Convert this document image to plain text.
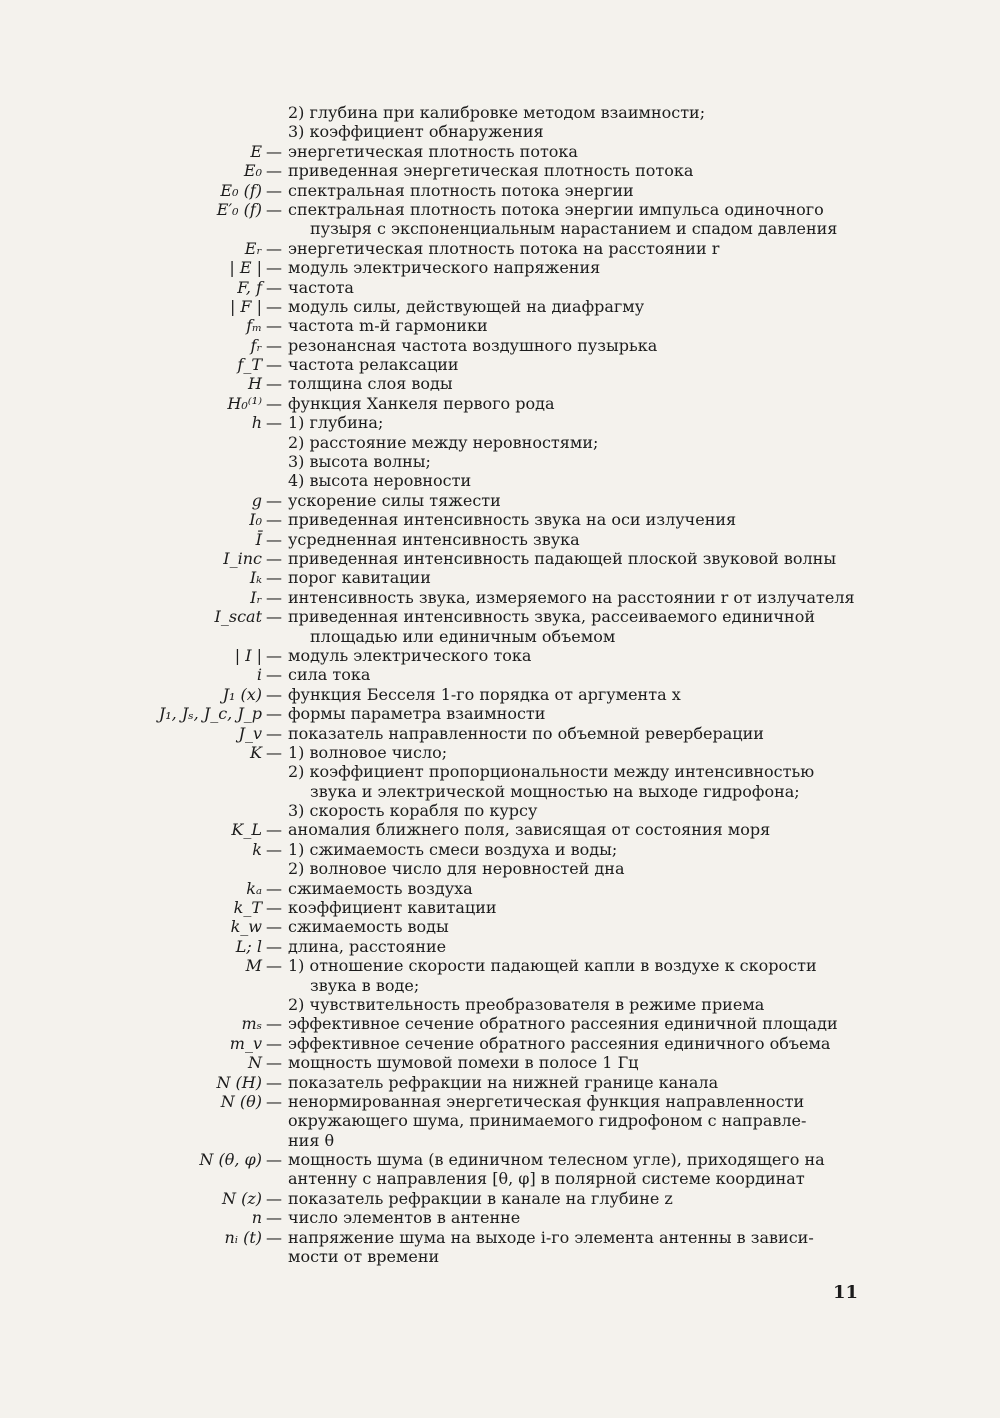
2) глубина при калибровке методом взаимности;
3) коэффициент обнаружения
E — энергетическая плотность потока
E₀ — приведенная энергетическая плотность потока
E₀ (f) — спектральная плотность потока энергии
E′₀ (f) — спектральная плотность потока энергии импульса одиночного
пузыря с экспоненциальным нарастанием и спадом давления
Eᵣ — энергетическая плотность потока на расстоянии r
| E | — модуль электрического напряжения
F, f — частота
| F | — модуль силы, действующей на диафрагму
fₘ — частота m-й гармоники
fᵣ — резонансная частота воздушного пузырька
f_T — частота релаксации
H — толщина слоя воды
H₀⁽¹⁾ — функция Ханкеля первого рода
h — 1) глубина;
2) расстояние между неровностями;
3) высота волны;
4) высота неровности
g — ускорение силы тяжести
I₀ — приведенная интенсивность звука на оси излучения
Ī — усредненная интенсивность звука
I_inc — приведенная интенсивность падающей плоской звуковой волны
Iₖ — порог кавитации
Iᵣ — интенсивность звука, измеряемого на расстоянии r от излучателя
I_scat — приведенная интенсивность звука, рассеиваемого единичной
площадью или единичным объемом
| I | — модуль электрического тока
i — сила тока
J₁ (x) — функция Бесселя 1-го порядка от аргумента x
J₁, Jₛ, J_c, J_p — формы параметра взаимности
J_v — показатель направленности по объемной реверберации
K — 1) волновое число;
2) коэффициент пропорциональности между интенсивностью
звука и электрической мощностью на выходе гидрофона;
3) скорость корабля по курсу
K_L — аномалия ближнего поля, зависящая от состояния моря
k — 1) сжимаемость смеси воздуха и воды;
2) волновое число для неровностей дна
kₐ — сжимаемость воздуха
k_T — коэффициент кавитации
k_w — сжимаемость воды
L; l — длина, расстояние
M — 1) отношение скорости падающей капли в воздухе к скорости
звука в воде;
2) чувствительность преобразователя в режиме приема
mₛ — эффективное сечение обратного рассеяния единичной площади
m_v — эффективное сечение обратного рассеяния единичного объема
N — мощность шумовой помехи в полосе 1 Гц
N (H) — показатель рефракции на нижней границе канала
N (θ) — ненормированная энергетическая функция направленности
окружающего шума, принимаемого гидрофоном с направле-
ния θ
N (θ, φ) — мощность шума (в единичном телесном угле), приходящего на
антенну с направления [θ, φ] в полярной системе координат
N (z) — показатель рефракции в канале на глубине z
n — число элементов в антенне
nᵢ (t) — напряжение шума на выходе i-го элемента антенны в зависи-
мости от времени
11
